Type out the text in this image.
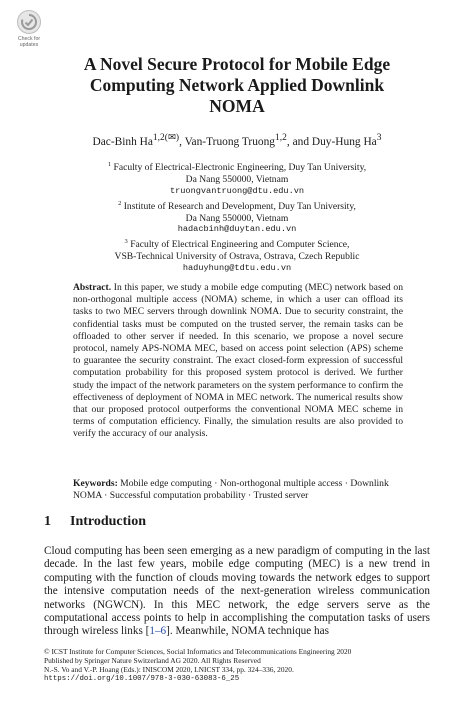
Check for
updates
A Novel Secure Protocol for Mobile Edge
Computing Network Applied Downlink
NOMA
Dac-Binh $Ha^{1,2(✉)}$, Van-Truong Truong$^{1,2}$, and Duy-Hung Ha$^3$
$^1$ Faculty of Electrical-Electronic Engineering, Duy Tan University,
Da Nang 550000, Vietnam
truongvantruong@dtu.edu.vn
$^2$ Institute of Research and Development, Duy Tan University,
Da Nang 550000, Vietnam
hadacbinh@duytan.edu.vn
$^3$ Faculty of Electrical Engineering and Computer Science,
VSB-Technical University of Ostrava, Ostrava, Czech Republic
haduyhung@tdtu.edu.vn
Abstract. In this paper, we study a mobile edge computing (MEC) network based on non-orthogonal multiple access (NOMA) scheme, in which a user can offload its tasks to two MEC servers through downlink NOMA. Due to security constraint, the confidential tasks must be computed on the trusted server, the remain tasks can be offloaded to other server if needed. In this scenario, we propose a novel secure protocol, namely APS-NOMA MEC, based on access point selection (APS) scheme to guarantee the security constraint. The exact closed-form expression of successful computation probability for this proposed system protocol is derived. We further study the impact of the network parameters on the system performance to confirm the effectiveness of deployment of NOMA in MEC network. The numerical results show that our proposed protocol outperforms the conventional NOMA MEC scheme in terms of computation efficiency. Finally, the simulation results are also provided to verify the accuracy of our analysis.
Keywords: Mobile edge computing · Non-orthogonal multiple access · Downlink NOMA · Successful computation probability · Trusted server
1 Introduction
Cloud computing has been seen emerging as a new paradigm of computing in the last decade. In the last few years, mobile edge computing (MEC) is a new trend in computing with the function of clouds moving towards the network edges to support the intensive computation needs of the next-generation wireless communication networks (NGWCN). In this MEC network, the edge servers serve as the computational access points to help in accomplishing the computation tasks of users through wireless links [1–6]. Meanwhile, NOMA technique has
© ICST Institute for Computer Sciences, Social Informatics and Telecommunications Engineering 2020
Published by Springer Nature Switzerland AG 2020. All Rights Reserved
N.-S. Vo and V.-P. Hoang (Eds.): INISCOM 2020, LNICST 334, pp. 324–336, 2020.
https://doi.org/10.1007/978-3-030-63083-6_25
